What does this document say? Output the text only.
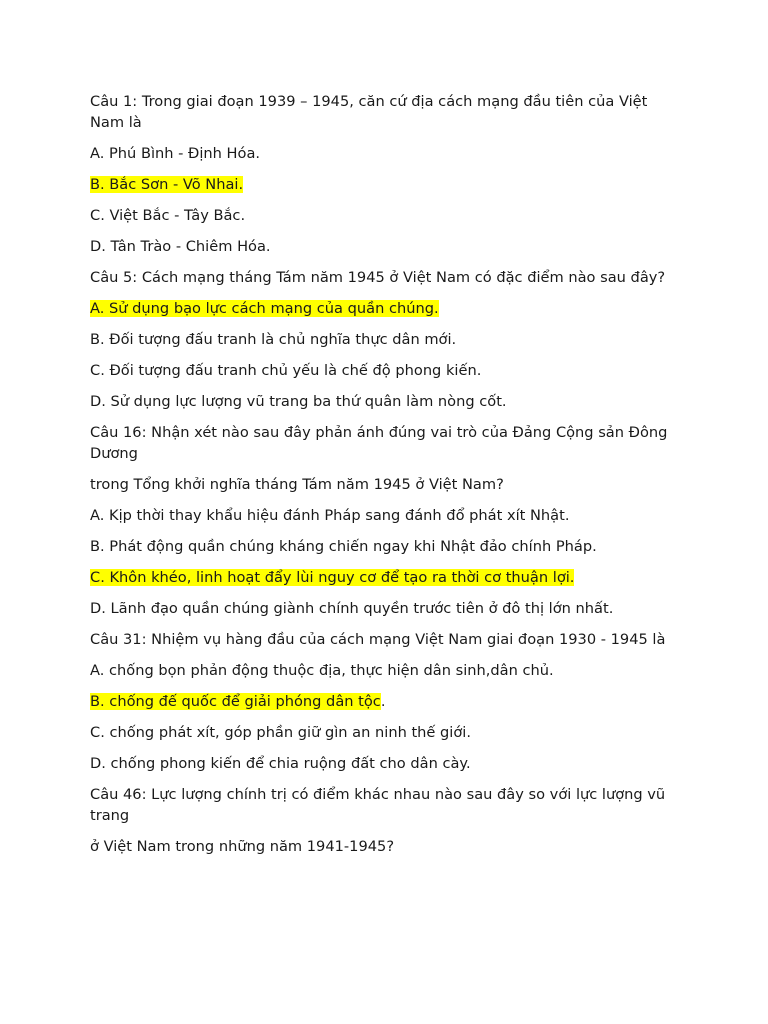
Câu 1: Trong giai đoạn 1939 – 1945, căn cứ địa cách mạng đầu tiên của Việt Nam là
A. Phú Bình - Định Hóa.
B. Bắc Sơn - Võ Nhai.
C. Việt Bắc - Tây Bắc.
D. Tân Trào - Chiêm Hóa.
Câu 5: Cách mạng tháng Tám năm 1945 ở Việt Nam có đặc điểm nào sau đây?
A. Sử dụng bạo lực cách mạng của quần chúng.
B. Đối tượng đấu tranh là chủ nghĩa thực dân mới.
C. Đối tượng đấu tranh chủ yếu là chế độ phong kiến.
D. Sử dụng lực lượng vũ trang ba thứ quân làm nòng cốt.
Câu 16: Nhận xét nào sau đây phản ánh đúng vai trò của Đảng Cộng sản Đông Dương
trong Tổng khởi nghĩa tháng Tám năm 1945 ở Việt Nam?
A. Kịp thời thay khẩu hiệu đánh Pháp sang đánh đổ phát xít Nhật.
B. Phát động quần chúng kháng chiến ngay khi Nhật đảo chính Pháp.
C. Khôn khéo, linh hoạt đẩy lùi nguy cơ để tạo ra thời cơ thuận lợi.
D. Lãnh đạo quần chúng giành chính quyền trước tiên ở đô thị lớn nhất.
Câu 31: Nhiệm vụ hàng đầu của cách mạng Việt Nam giai đoạn 1930 - 1945 là
A. chống bọn phản động thuộc địa, thực hiện dân sinh,dân chủ.
B. chống đế quốc để giải phóng dân tộc.
C. chống phát xít, góp phần giữ gìn an ninh thế giới.
D. chống phong kiến để chia ruộng đất cho dân cày.
Câu 46: Lực lượng chính trị có điểm khác nhau nào sau đây so với lực lượng vũ trang
ở Việt Nam trong những năm 1941-1945?
